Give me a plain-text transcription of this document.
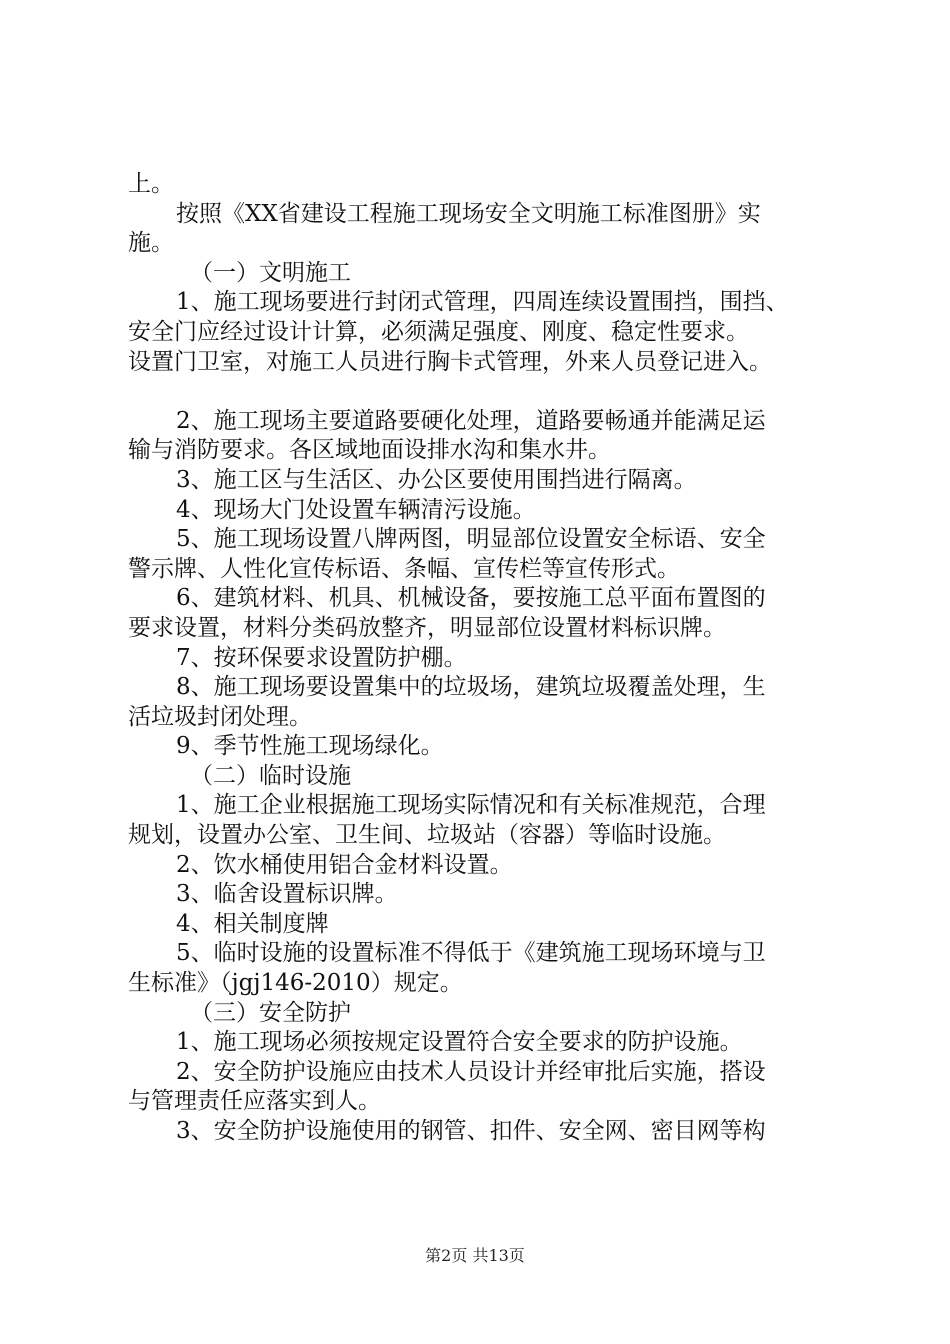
上。
按照《XX省建设工程施工现场安全文明施工标准图册》实
施。
（一）文明施工
1、施工现场要进行封闭式管理，四周连续设置围挡，围挡、
安全门应经过设计计算，必须满足强度、刚度、稳定性要求。
设置门卫室，对施工人员进行胸卡式管理，外来人员登记进入。
2、施工现场主要道路要硬化处理，道路要畅通并能满足运
输与消防要求。各区域地面设排水沟和集水井。
3、施工区与生活区、办公区要使用围挡进行隔离。
4、现场大门处设置车辆清污设施。
5、施工现场设置八牌两图，明显部位设置安全标语、安全
警示牌、人性化宣传标语、条幅、宣传栏等宣传形式。
6、建筑材料、机具、机械设备，要按施工总平面布置图的
要求设置，材料分类码放整齐，明显部位设置材料标识牌。
7、按环保要求设置防护棚。
8、施工现场要设置集中的垃圾场，建筑垃圾覆盖处理，生
活垃圾封闭处理。
9、季节性施工现场绿化。
（二）临时设施
1、施工企业根据施工现场实际情况和有关标准规范，合理
规划，设置办公室、卫生间、垃圾站（容器）等临时设施。
2、饮水桶使用铝合金材料设置。
3、临舍设置标识牌。
4、相关制度牌
5、临时设施的设置标准不得低于《建筑施工现场环境与卫
生标准》（jgj146-2010）规定。
（三）安全防护
1、施工现场必须按规定设置符合安全要求的防护设施。
2、安全防护设施应由技术人员设计并经审批后实施，搭设
与管理责任应落实到人。
3、安全防护设施使用的钢管、扣件、安全网、密目网等构
第2页 共13页
